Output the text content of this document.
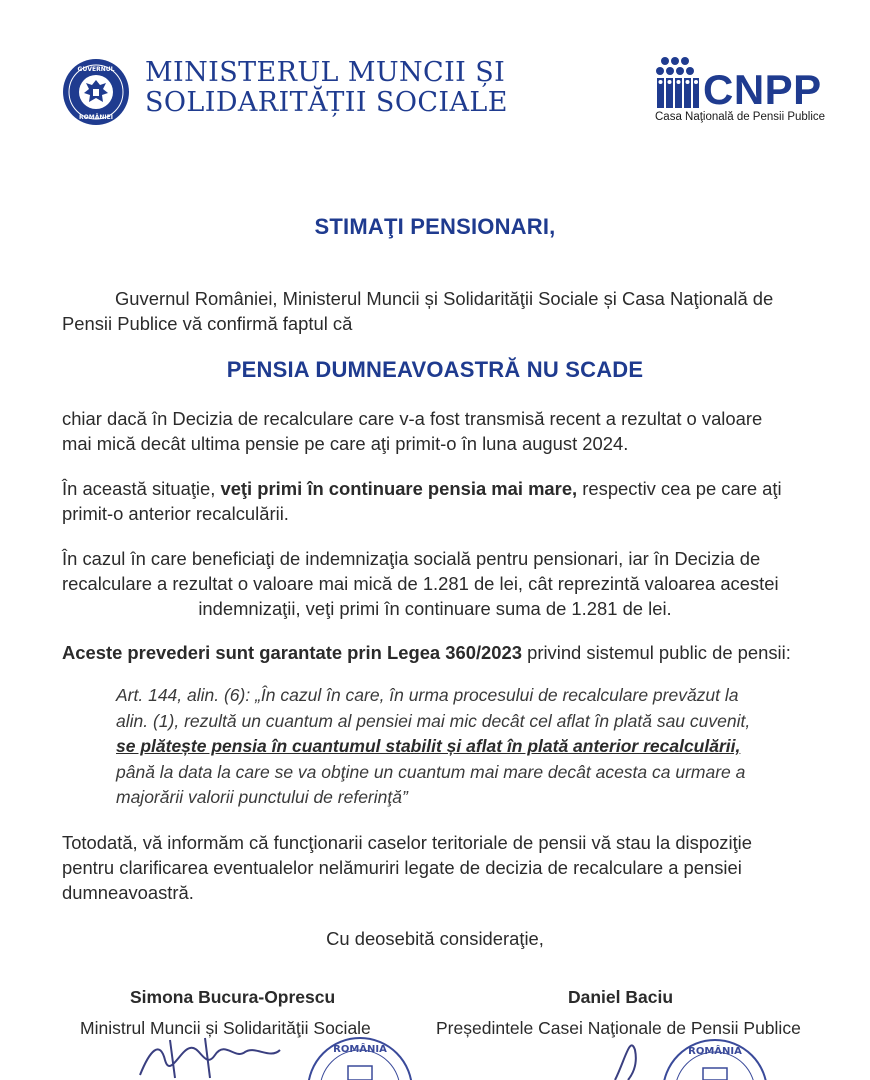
GUVERNUL
ROMÂNIEI
MINISTERUL MUNCII ȘI
SOLIDARITĂȚII SOCIALE	CNPP
Casa Naţională de Pensii Publice
STIMAŢI PENSIONARI,
Guvernul României, Ministerul Muncii și Solidarităţii Sociale și Casa Naţională de
Pensii Publice vă confirmă faptul că
PENSIA DUMNEAVOASTRĂ NU SCADE
chiar dacă în Decizia de recalculare care v-a fost transmisă recent a rezultat o valoare
mai mică decât ultima pensie pe care aţi primit-o în luna august 2024.
În această situaţie, veţi primi în continuare pensia mai mare, respectiv cea pe care aţi
primit-o anterior recalculării.
În cazul în care beneficiaţi de indemnizaţia socială pentru pensionari, iar în Decizia de
recalculare a rezultat o valoare mai mică de 1.281 de lei, cât reprezintă valoarea acestei
indemnizaţii, veţi primi în continuare suma de 1.281 de lei.
Aceste prevederi sunt garantate prin Legea 360/2023 privind sistemul public de pensii:
Art. 144, alin. (6): „În cazul în care, în urma procesului de recalculare prevăzut la
alin. (1), rezultă un cuantum al pensiei mai mic decât cel aflat în plată sau cuvenit,
se plătește pensia în cuantumul stabilit și aflat în plată anterior recalculării,
până la data la care se va obţine un cuantum mai mare decât acesta ca urmare a
majorării valorii punctului de referinţă”
Totodată, vă informăm că funcţionarii caselor teritoriale de pensii vă stau la dispoziţie
pentru clarificarea eventualelor nelămuriri legate de decizia de recalculare a pensiei
dumneavoastră.
Cu deosebită consideraţie,
Simona Bucura-Oprescu	Daniel Baciu
ROMÂNIA	ROMÂNIA
Ministrul Muncii și Solidarităţii Sociale	Președintele Casei Naţionale de Pensii Publice
